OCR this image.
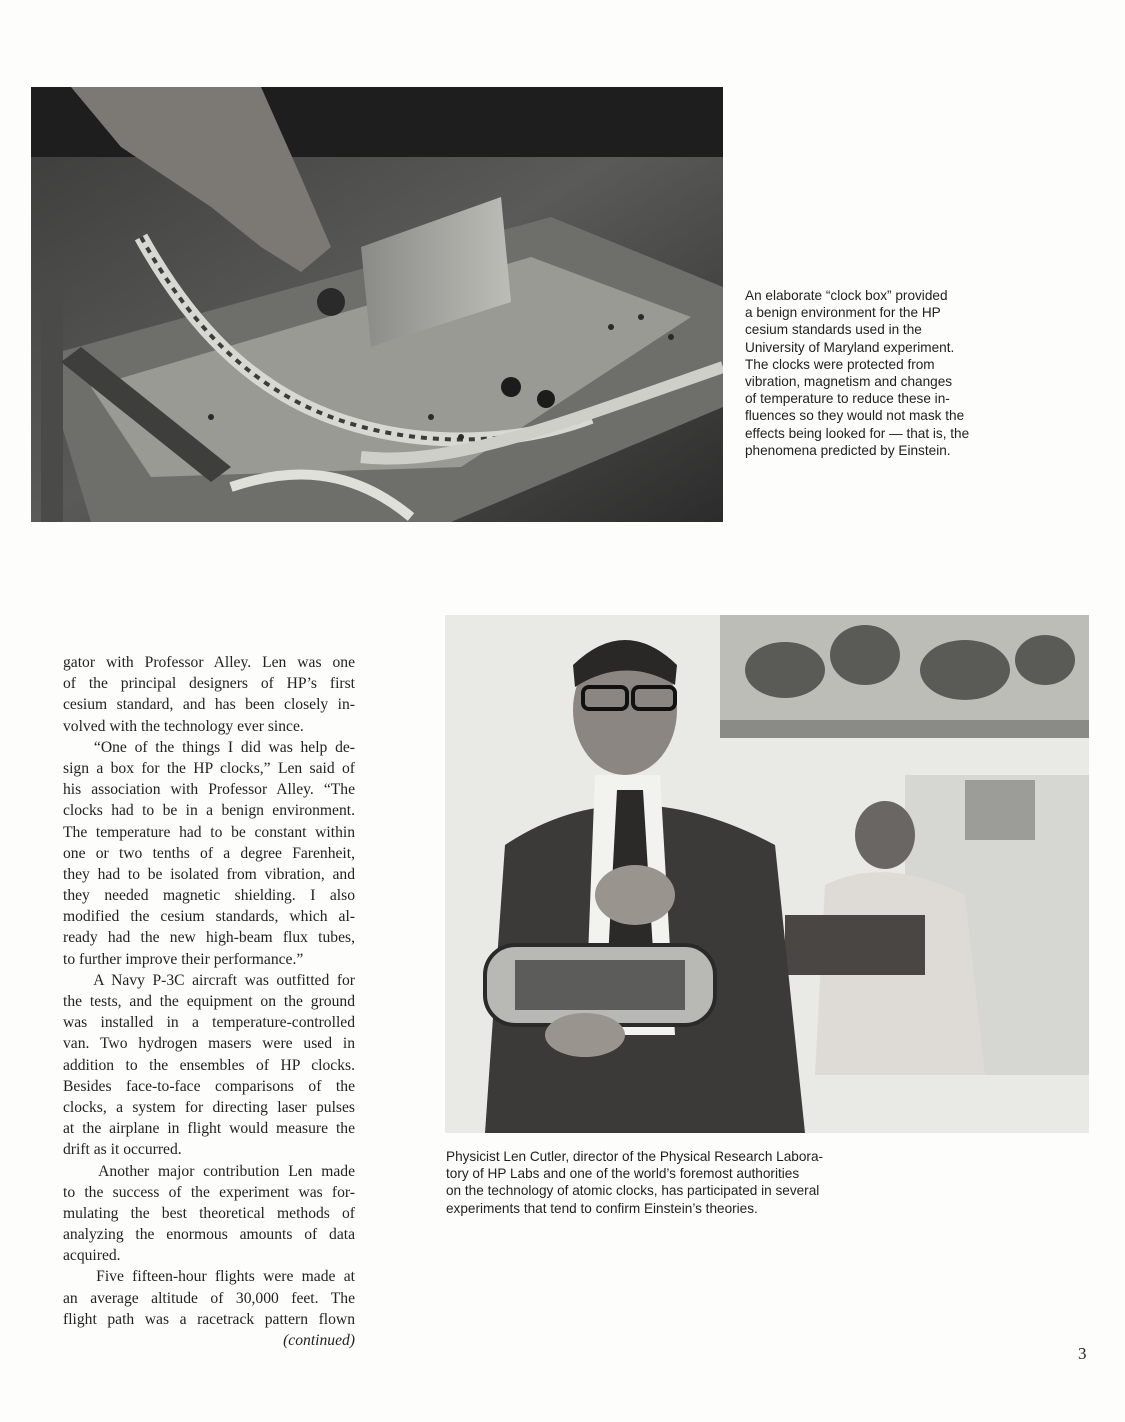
An elaborate “clock box” provided
a benign environment for the HP
cesium standards used in the
University of Maryland experiment.
The clocks were protected from
vibration, magnetism and changes
of temperature to reduce these in-
fluences so they would not mask the
effects being looked for — that is, the
phenomena predicted by Einstein.

Physicist Len Cutler, director of the Physical Research Labora-
tory of HP Labs and one of the world’s foremost authorities
on the technology of atomic clocks, has participated in several
experiments that tend to confirm Einstein’s theories.

gator with Professor Alley. Len was one
of the principal designers of HP’s first
cesium standard, and has been closely in-
volved with the technology ever since.
“One of the things I did was help de-
sign a box for the HP clocks,” Len said of
his association with Professor Alley. “The
clocks had to be in a benign environment.
The temperature had to be constant within
one or two tenths of a degree Farenheit,
they had to be isolated from vibration, and
they needed magnetic shielding. I also
modified the cesium standards, which al-
ready had the new high-beam flux tubes,
to further improve their performance.”
A Navy P-3C aircraft was outfitted for
the tests, and the equipment on the ground
was installed in a temperature-controlled
van. Two hydrogen masers were used in
addition to the ensembles of HP clocks.
Besides face-to-face comparisons of the
clocks, a system for directing laser pulses
at the airplane in flight would measure the
drift as it occurred.
Another major contribution Len made
to the success of the experiment was for-
mulating the best theoretical methods of
analyzing the enormous amounts of data
acquired.
Five fifteen-hour flights were made at
an average altitude of 30,000 feet. The
flight path was a racetrack pattern flown
(continued)
3
